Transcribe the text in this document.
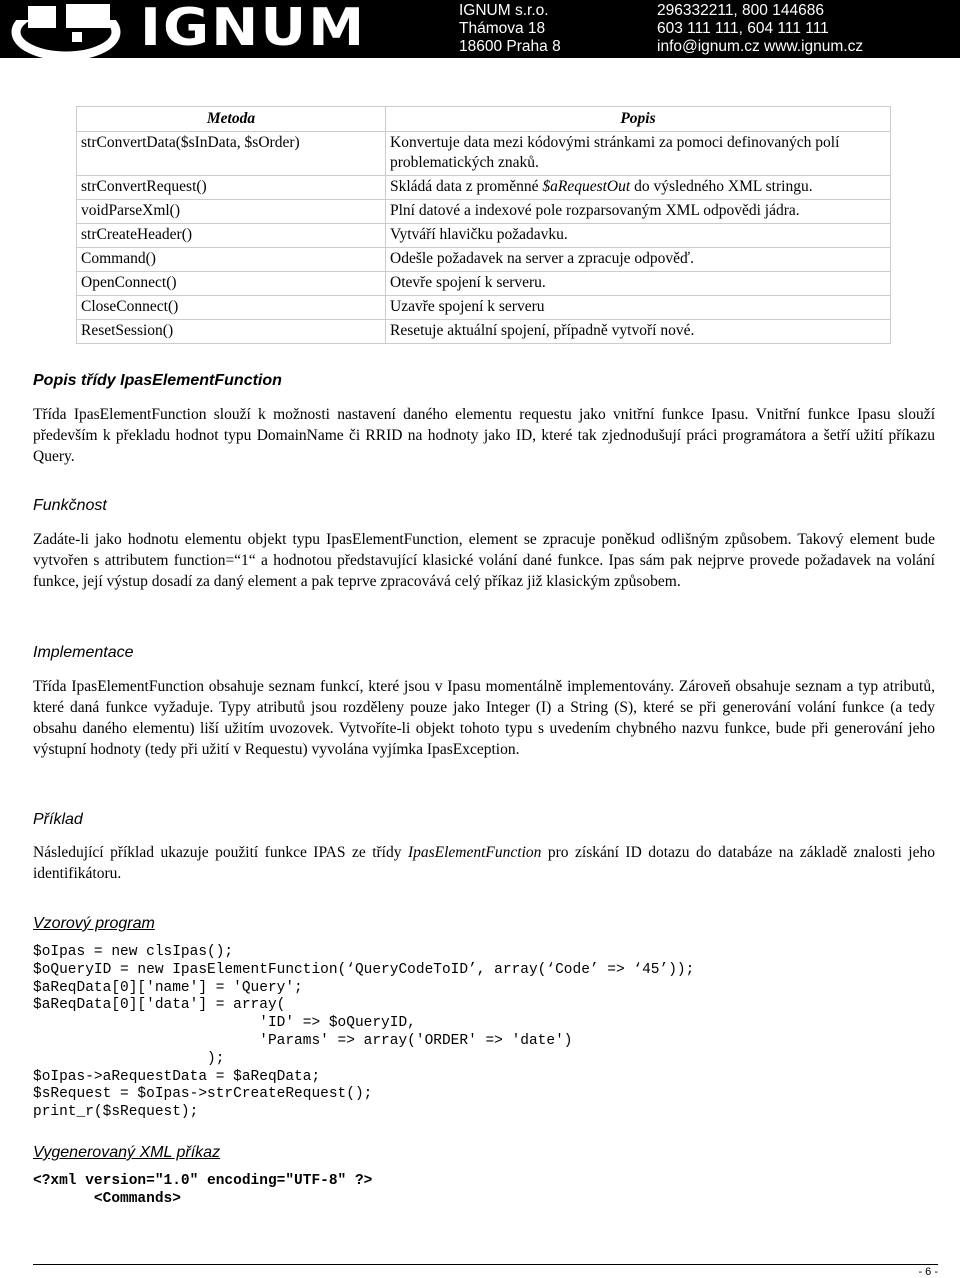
IGNUM	IGNUM s.r.o.
Thámova 18
18600 Praha 8
296332211, 800 144686
603 111 111, 604 111 111
info@ignum.cz www.ignum.cz
Metoda	Popis
strConvertData($sInData, $sOrder)	Konvertuje data mezi kódovými stránkami za pomoci definovaných polí problematických znaků.
strConvertRequest()	Skládá data z proměnné $aRequestOut do výsledného XML stringu.
voidParseXml()	Plní datové a indexové pole rozparsovaným XML odpovědi jádra.
strCreateHeader()	Vytváří hlavičku požadavku.
Command()	Odešle požadavek na server a zpracuje odpověď.
OpenConnect()	Otevře spojení k serveru.
CloseConnect()	Uzavře spojení k serveru
ResetSession()	Resetuje aktuální spojení, případně vytvoří nové.
Popis třídy IpasElementFunction
Třída IpasElementFunction slouží k možnosti nastavení daného elementu requestu jako vnitřní funkce Ipasu. Vnitřní funkce Ipasu slouží především k překladu hodnot typu DomainName či RRID na hodnoty jako ID, které tak zjednodušují práci programátora a šetří užití příkazu Query.
Funkčnost
Zadáte-li jako hodnotu elementu objekt typu IpasElementFunction, element se zpracuje poněkud odlišným způsobem. Takový element bude vytvořen s attributem function=“1“ a hodnotou představující klasické volání dané funkce. Ipas sám pak nejprve provede požadavek na volání funkce, její výstup dosadí za daný element a pak teprve zpracovává celý příkaz již klasickým způsobem.
Implementace
Třída IpasElementFunction obsahuje seznam funkcí, které jsou v Ipasu momentálně implementovány. Zároveň obsahuje seznam a typ atributů, které daná funkce vyžaduje. Typy atributů jsou rozděleny pouze jako Integer (I) a String (S), které se při generování volání funkce (a tedy obsahu daného elementu) liší užitím uvozovek. Vytvoříte-li objekt tohoto typu s uvedením chybného nazvu funkce, bude při generování jeho výstupní hodnoty (tedy při užití v Requestu) vyvolána vyjímka IpasException.
Příklad
Následující příklad ukazuje použití funkce IPAS ze třídy IpasElementFunction pro získání ID dotazu do databáze na základě znalosti jeho identifikátoru.
Vzorový program
$oIpas = new clsIpas();
$oQueryID = new IpasElementFunction(‘QueryCodeToID’, array(‘Code’ => ‘45’));
$aReqData[0]['name'] = 'Query';
$aReqData[0]['data'] = array(
'ID' => $oQueryID,
'Params' => array('ORDER' => 'date')
);
$oIpas->aRequestData = $aReqData;
$sRequest = $oIpas->strCreateRequest();
print_r($sRequest);
Vygenerovaný XML příkaz
<?xml version="1.0" encoding="UTF-8" ?>
<Commands>
- 6 -
